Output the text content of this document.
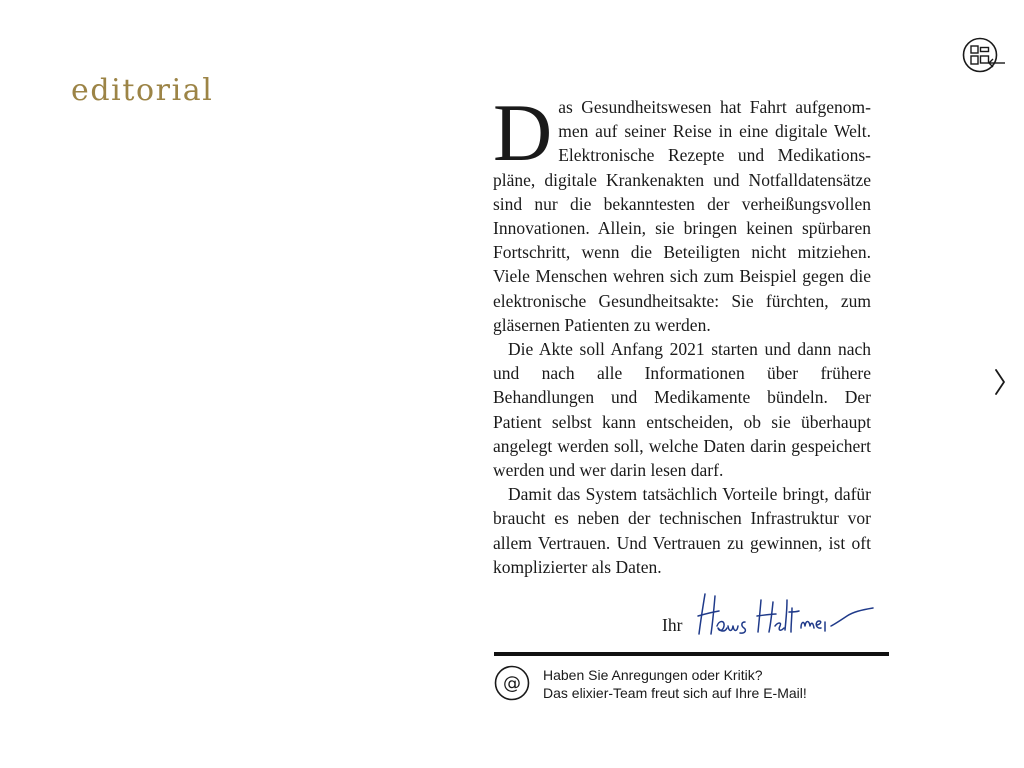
editorial	Das Gesundheitswesen hat Fahrt aufgenommen auf seiner Reise in eine digitale Welt. Elektronische Rezepte und Medikationspläne, digitale Krankenakten und Notfalldatensätze sind nur die bekanntesten der verheißungsvollen Innovationen. Allein, sie bringen keinen spürbaren Fortschritt, wenn die Beteiligten nicht mitziehen. Viele Menschen wehren sich zum Beispiel gegen die elektronische Gesundheitsakte: Sie fürchten, zum gläsernen Patienten zu werden.

Die Akte soll Anfang 2021 starten und dann nach und nach alle Informationen über frühere Behandlungen und Medikamente bündeln. Der Patient selbst kann entscheiden, ob sie überhaupt angelegt werden soll, welche Daten darin gespeichert werden und wer darin lesen darf.

Damit das System tatsächlich Vorteile bringt, dafür braucht es neben der technischen Infrastruktur vor allem Vertrauen. Und Vertrauen zu gewinnen, ist oft komplizierter als Daten.

Ihr
@ Haben Sie Anregungen oder Kritik?
Das elixier-Team freut sich auf Ihre E-Mail!
